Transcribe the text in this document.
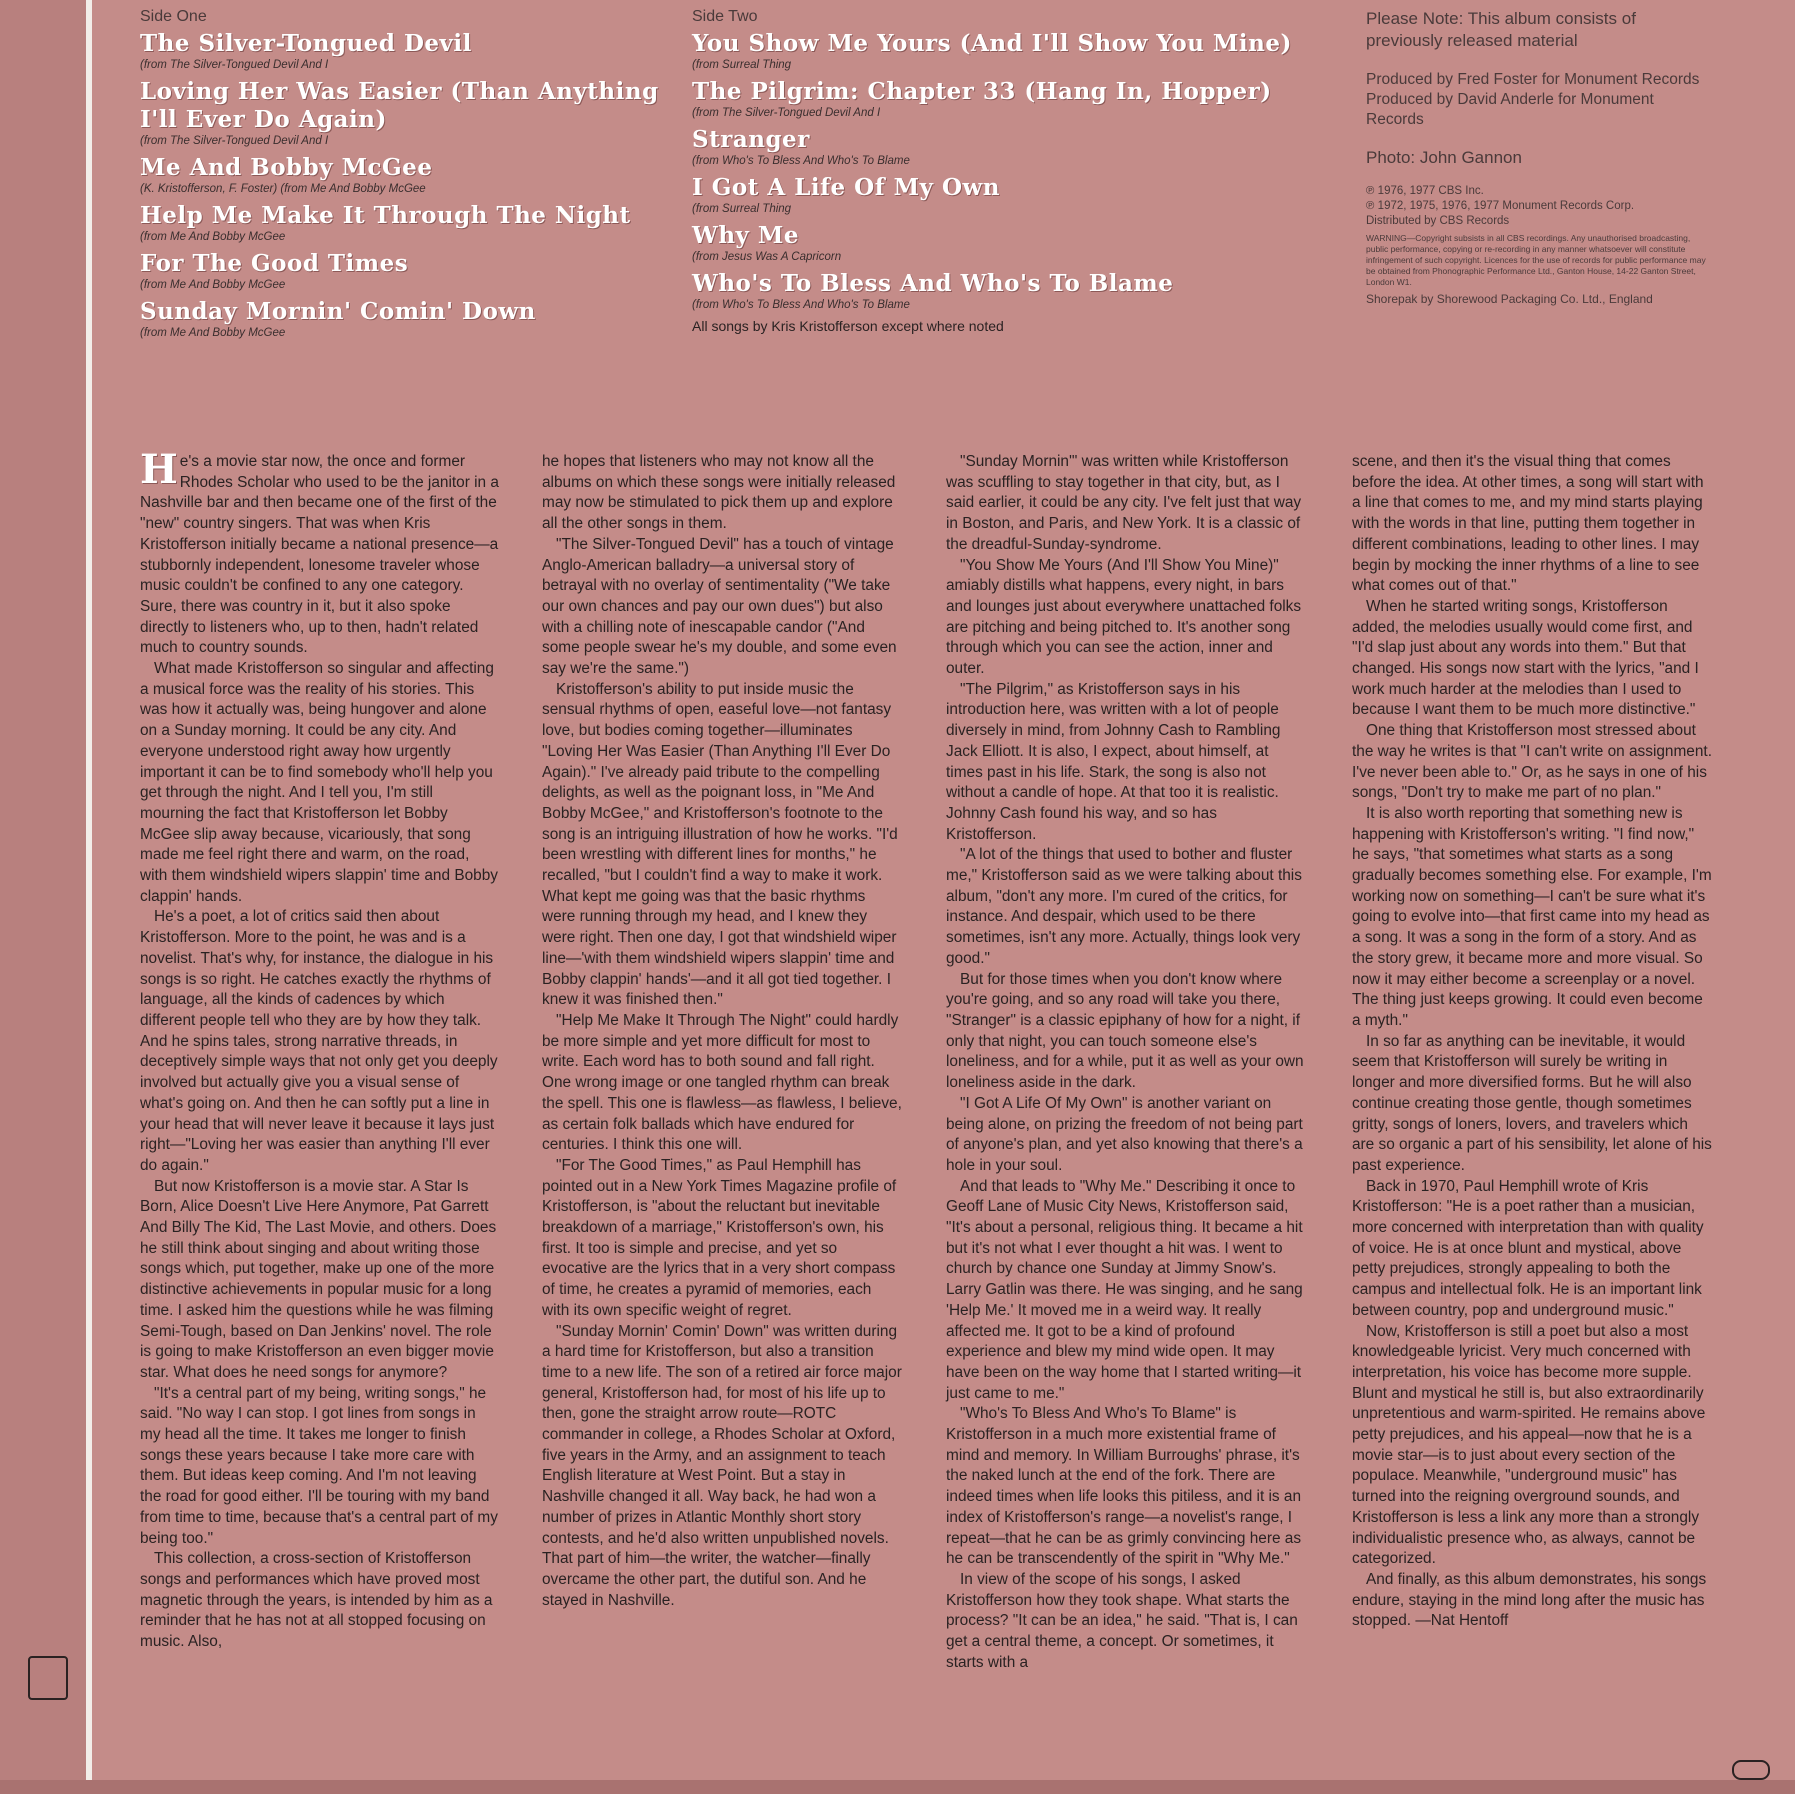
Side One
The Silver-Tongued Devil
(from The Silver-Tongued Devil And I
Loving Her Was Easier (Than Anything I'll Ever Do Again)
(from The Silver-Tongued Devil And I
Me And Bobby McGee
(K. Kristofferson, F. Foster) (from Me And Bobby McGee
Help Me Make It Through The Night
(from Me And Bobby McGee
For The Good Times
(from Me And Bobby McGee
Sunday Mornin' Comin' Down
(from Me And Bobby McGee
Side Two
You Show Me Yours (And I'll Show You Mine)
(from Surreal Thing
The Pilgrim: Chapter 33 (Hang In, Hopper)
(from The Silver-Tongued Devil And I
Stranger
(from Who's To Bless And Who's To Blame
I Got A Life Of My Own
(from Surreal Thing
Why Me
(from Jesus Was A Capricorn
Who's To Bless And Who's To Blame
(from Who's To Bless And Who's To Blame
All songs by Kris Kristofferson except where noted
Please Note: This album consists of previously released material
Produced by Fred Foster for Monument Records
Produced by David Anderle for Monument Records
Photo: John Gannon
℗ 1976, 1977 CBS Inc.
℗ 1972, 1975, 1976, 1977 Monument Records Corp.
Distributed by CBS Records
WARNING—Copyright subsists in all CBS recordings. Any unauthorised broadcasting, public performance, copying or re-recording in any manner whatsoever will constitute infringement of such copyright. Licences for the use of records for public performance may be obtained from Phonographic Performance Ltd., Ganton House, 14-22 Ganton Street, London W1.
Shorepak by Shorewood Packaging Co. Ltd., England

He's a movie star now, the once and former Rhodes Scholar who used to be the janitor in a Nashville bar and then became one of the first of the "new" country singers. That was when Kris Kristofferson initially became a national presence—a stubbornly independent, lonesome traveler whose music couldn't be confined to any one category. Sure, there was country in it, but it also spoke directly to listeners who, up to then, hadn't related much to country sounds.

What made Kristofferson so singular and affecting a musical force was the reality of his stories. This was how it actually was, being hungover and alone on a Sunday morning. It could be any city. And everyone understood right away how urgently important it can be to find somebody who'll help you get through the night. And I tell you, I'm still mourning the fact that Kristofferson let Bobby McGee slip away because, vicariously, that song made me feel right there and warm, on the road, with them windshield wipers slappin' time and Bobby clappin' hands.

He's a poet, a lot of critics said then about Kristofferson. More to the point, he was and is a novelist. That's why, for instance, the dialogue in his songs is so right. He catches exactly the rhythms of language, all the kinds of cadences by which different people tell who they are by how they talk. And he spins tales, strong narrative threads, in deceptively simple ways that not only get you deeply involved but actually give you a visual sense of what's going on. And then he can softly put a line in your head that will never leave it because it lays just right—"Loving her was easier than anything I'll ever do again."

But now Kristofferson is a movie star. A Star Is Born, Alice Doesn't Live Here Anymore, Pat Garrett And Billy The Kid, The Last Movie, and others. Does he still think about singing and about writing those songs which, put together, make up one of the more distinctive achievements in popular music for a long time. I asked him the questions while he was filming Semi-Tough, based on Dan Jenkins' novel. The role is going to make Kristofferson an even bigger movie star. What does he need songs for anymore?

"It's a central part of my being, writing songs," he said. "No way I can stop. I got lines from songs in my head all the time. It takes me longer to finish songs these years because I take more care with them. But ideas keep coming. And I'm not leaving the road for good either. I'll be touring with my band from time to time, because that's a central part of my being too."

This collection, a cross-section of Kristofferson songs and performances which have proved most magnetic through the years, is intended by him as a reminder that he has not at all stopped focusing on music. Also,

he hopes that listeners who may not know all the albums on which these songs were initially released may now be stimulated to pick them up and explore all the other songs in them.

"The Silver-Tongued Devil" has a touch of vintage Anglo-American balladry—a universal story of betrayal with no overlay of sentimentality ("We take our own chances and pay our own dues") but also with a chilling note of inescapable candor ("And some people swear he's my double, and some even say we're the same.")

Kristofferson's ability to put inside music the sensual rhythms of open, easeful love—not fantasy love, but bodies coming together—illuminates "Loving Her Was Easier (Than Anything I'll Ever Do Again)." I've already paid tribute to the compelling delights, as well as the poignant loss, in "Me And Bobby McGee," and Kristofferson's footnote to the song is an intriguing illustration of how he works. "I'd been wrestling with different lines for months," he recalled, "but I couldn't find a way to make it work. What kept me going was that the basic rhythms were running through my head, and I knew they were right. Then one day, I got that windshield wiper line—'with them windshield wipers slappin' time and Bobby clappin' hands'—and it all got tied together. I knew it was finished then."

"Help Me Make It Through The Night" could hardly be more simple and yet more difficult for most to write. Each word has to both sound and fall right. One wrong image or one tangled rhythm can break the spell. This one is flawless—as flawless, I believe, as certain folk ballads which have endured for centuries. I think this one will.

"For The Good Times," as Paul Hemphill has pointed out in a New York Times Magazine profile of Kristofferson, is "about the reluctant but inevitable breakdown of a marriage," Kristofferson's own, his first. It too is simple and precise, and yet so evocative are the lyrics that in a very short compass of time, he creates a pyramid of memories, each with its own specific weight of regret.

"Sunday Mornin' Comin' Down" was written during a hard time for Kristofferson, but also a transition time to a new life. The son of a retired air force major general, Kristofferson had, for most of his life up to then, gone the straight arrow route—ROTC commander in college, a Rhodes Scholar at Oxford, five years in the Army, and an assignment to teach English literature at West Point. But a stay in Nashville changed it all. Way back, he had won a number of prizes in Atlantic Monthly short story contests, and he'd also written unpublished novels. That part of him—the writer, the watcher—finally overcame the other part, the dutiful son. And he stayed in Nashville.

"Sunday Mornin'" was written while Kristofferson was scuffling to stay together in that city, but, as I said earlier, it could be any city. I've felt just that way in Boston, and Paris, and New York. It is a classic of the dreadful-Sunday-syndrome.

"You Show Me Yours (And I'll Show You Mine)" amiably distills what happens, every night, in bars and lounges just about everywhere unattached folks are pitching and being pitched to. It's another song through which you can see the action, inner and outer.

"The Pilgrim," as Kristofferson says in his introduction here, was written with a lot of people diversely in mind, from Johnny Cash to Rambling Jack Elliott. It is also, I expect, about himself, at times past in his life. Stark, the song is also not without a candle of hope. At that too it is realistic. Johnny Cash found his way, and so has Kristofferson.

"A lot of the things that used to bother and fluster me," Kristofferson said as we were talking about this album, "don't any more. I'm cured of the critics, for instance. And despair, which used to be there sometimes, isn't any more. Actually, things look very good."

But for those times when you don't know where you're going, and so any road will take you there, "Stranger" is a classic epiphany of how for a night, if only that night, you can touch someone else's loneliness, and for a while, put it as well as your own loneliness aside in the dark.

"I Got A Life Of My Own" is another variant on being alone, on prizing the freedom of not being part of anyone's plan, and yet also knowing that there's a hole in your soul.

And that leads to "Why Me." Describing it once to Geoff Lane of Music City News, Kristofferson said, "It's about a personal, religious thing. It became a hit but it's not what I ever thought a hit was. I went to church by chance one Sunday at Jimmy Snow's. Larry Gatlin was there. He was singing, and he sang 'Help Me.' It moved me in a weird way. It really affected me. It got to be a kind of profound experience and blew my mind wide open. It may have been on the way home that I started writing—it just came to me."

"Who's To Bless And Who's To Blame" is Kristofferson in a much more existential frame of mind and memory. In William Burroughs' phrase, it's the naked lunch at the end of the fork. There are indeed times when life looks this pitiless, and it is an index of Kristofferson's range—a novelist's range, I repeat—that he can be as grimly convincing here as he can be transcendently of the spirit in "Why Me."

In view of the scope of his songs, I asked Kristofferson how they took shape. What starts the process? "It can be an idea," he said. "That is, I can get a central theme, a concept. Or sometimes, it starts with a

scene, and then it's the visual thing that comes before the idea. At other times, a song will start with a line that comes to me, and my mind starts playing with the words in that line, putting them together in different combinations, leading to other lines. I may begin by mocking the inner rhythms of a line to see what comes out of that."

When he started writing songs, Kristofferson added, the melodies usually would come first, and "I'd slap just about any words into them." But that changed. His songs now start with the lyrics, "and I work much harder at the melodies than I used to because I want them to be much more distinctive."

One thing that Kristofferson most stressed about the way he writes is that "I can't write on assignment. I've never been able to." Or, as he says in one of his songs, "Don't try to make me part of no plan."

It is also worth reporting that something new is happening with Kristofferson's writing. "I find now," he says, "that sometimes what starts as a song gradually becomes something else. For example, I'm working now on something—I can't be sure what it's going to evolve into—that first came into my head as a song. It was a song in the form of a story. And as the story grew, it became more and more visual. So now it may either become a screenplay or a novel. The thing just keeps growing. It could even become a myth."

In so far as anything can be inevitable, it would seem that Kristofferson will surely be writing in longer and more diversified forms. But he will also continue creating those gentle, though sometimes gritty, songs of loners, lovers, and travelers which are so organic a part of his sensibility, let alone of his past experience.

Back in 1970, Paul Hemphill wrote of Kris Kristofferson: "He is a poet rather than a musician, more concerned with interpretation than with quality of voice. He is at once blunt and mystical, above petty prejudices, strongly appealing to both the campus and intellectual folk. He is an important link between country, pop and underground music."

Now, Kristofferson is still a poet but also a most knowledgeable lyricist. Very much concerned with interpretation, his voice has become more supple. Blunt and mystical he still is, but also extraordinarily unpretentious and warm-spirited. He remains above petty prejudices, and his appeal—now that he is a movie star—is to just about every section of the populace. Meanwhile, "underground music" has turned into the reigning overground sounds, and Kristofferson is less a link any more than a strongly individualistic presence who, as always, cannot be categorized.

And finally, as this album demonstrates, his songs endure, staying in the mind long after the music has stopped. —Nat Hentoff
